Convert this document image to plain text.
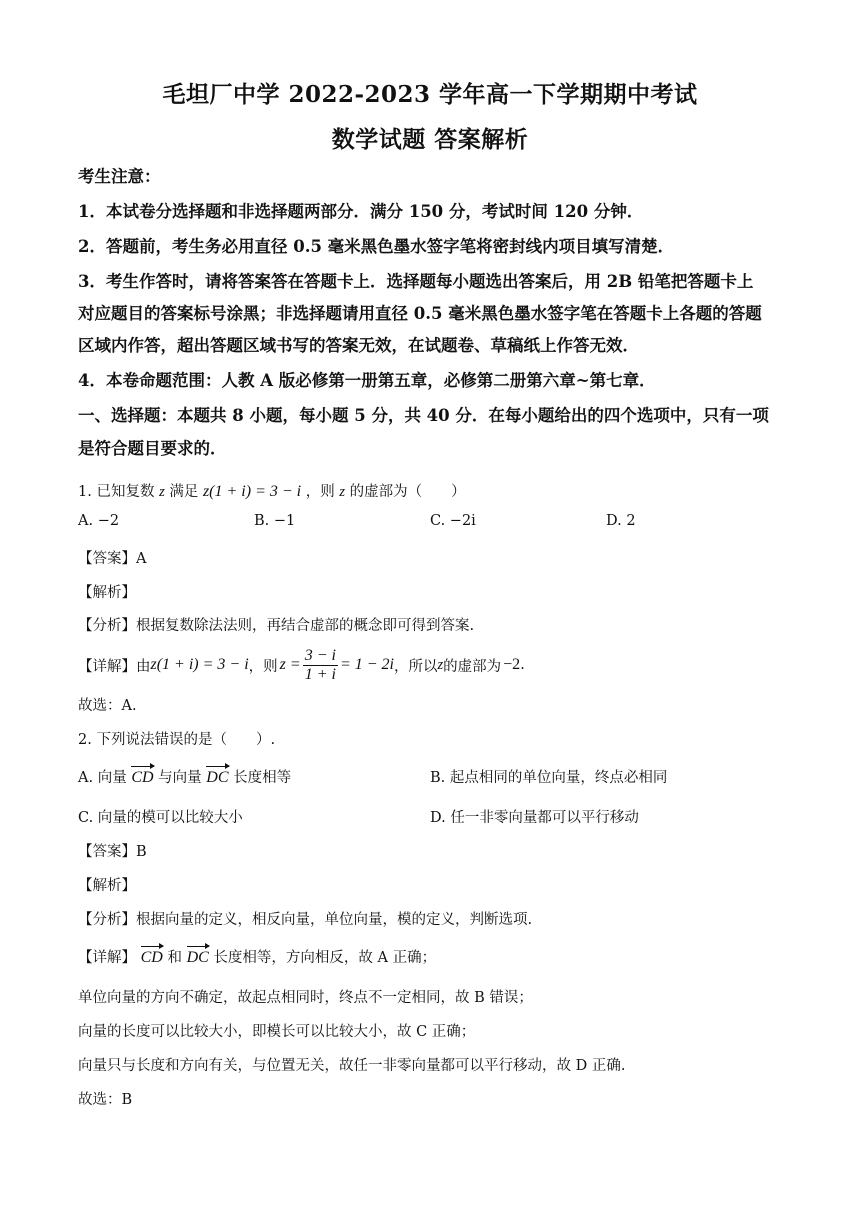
毛坦厂中学 2022-2023 学年高一下学期期中考试
数学试题 答案解析
考生注意：
1．本试卷分选择题和非选择题两部分．满分 150 分，考试时间 120 分钟．
2．答题前，考生务必用直径 0.5 毫米黑色墨水签字笔将密封线内项目填写清楚．
3．考生作答时，请将答案答在答题卡上．选择题每小题选出答案后，用 2B 铅笔把答题卡上
对应题目的答案标号涂黑；非选择题请用直径 0.5 毫米黑色墨水签字笔在答题卡上各题的答题
区域内作答，超出答题区域书写的答案无效，在试题卷、草稿纸上作答无效．
4．本卷命题范围：人教 A 版必修第一册第五章，必修第二册第六章~第七章．
一、选择题：本题共 8 小题，每小题 5 分，共 40 分．在每小题给出的四个选项中，只有一项
是符合题目要求的．
1. 已知复数 z 满足 z(1 + i) = 3 − i ，则 z 的虚部为（　　）
A. −2	B. −1	C. −2i	D. 2
【答案】A
【解析】
【分析】根据复数除法法则，再结合虚部的概念即可得到答案.
【详解】由 z(1 + i) = 3 − i ，则 $z = \frac{3 - i}{1 + i} = 1 - 2i$ ，所以 z 的虚部为 −2 .
故选：A.
2. 下列说法错误的是（　　）.
A. 向量 CD 与向量 DC 长度相等	B. 起点相同的单位向量，终点必相同
C. 向量的模可以比较大小	D. 任一非零向量都可以平行移动
【答案】B
【解析】
【分析】根据向量的定义，相反向量，单位向量，模的定义，判断选项.
【详解】 CD 和 DC 长度相等，方向相反，故 A 正确；
单位向量的方向不确定，故起点相同时，终点不一定相同，故 B 错误；
向量的长度可以比较大小，即模长可以比较大小，故 C 正确；
向量只与长度和方向有关，与位置无关，故任一非零向量都可以平行移动，故 D 正确.
故选：B
